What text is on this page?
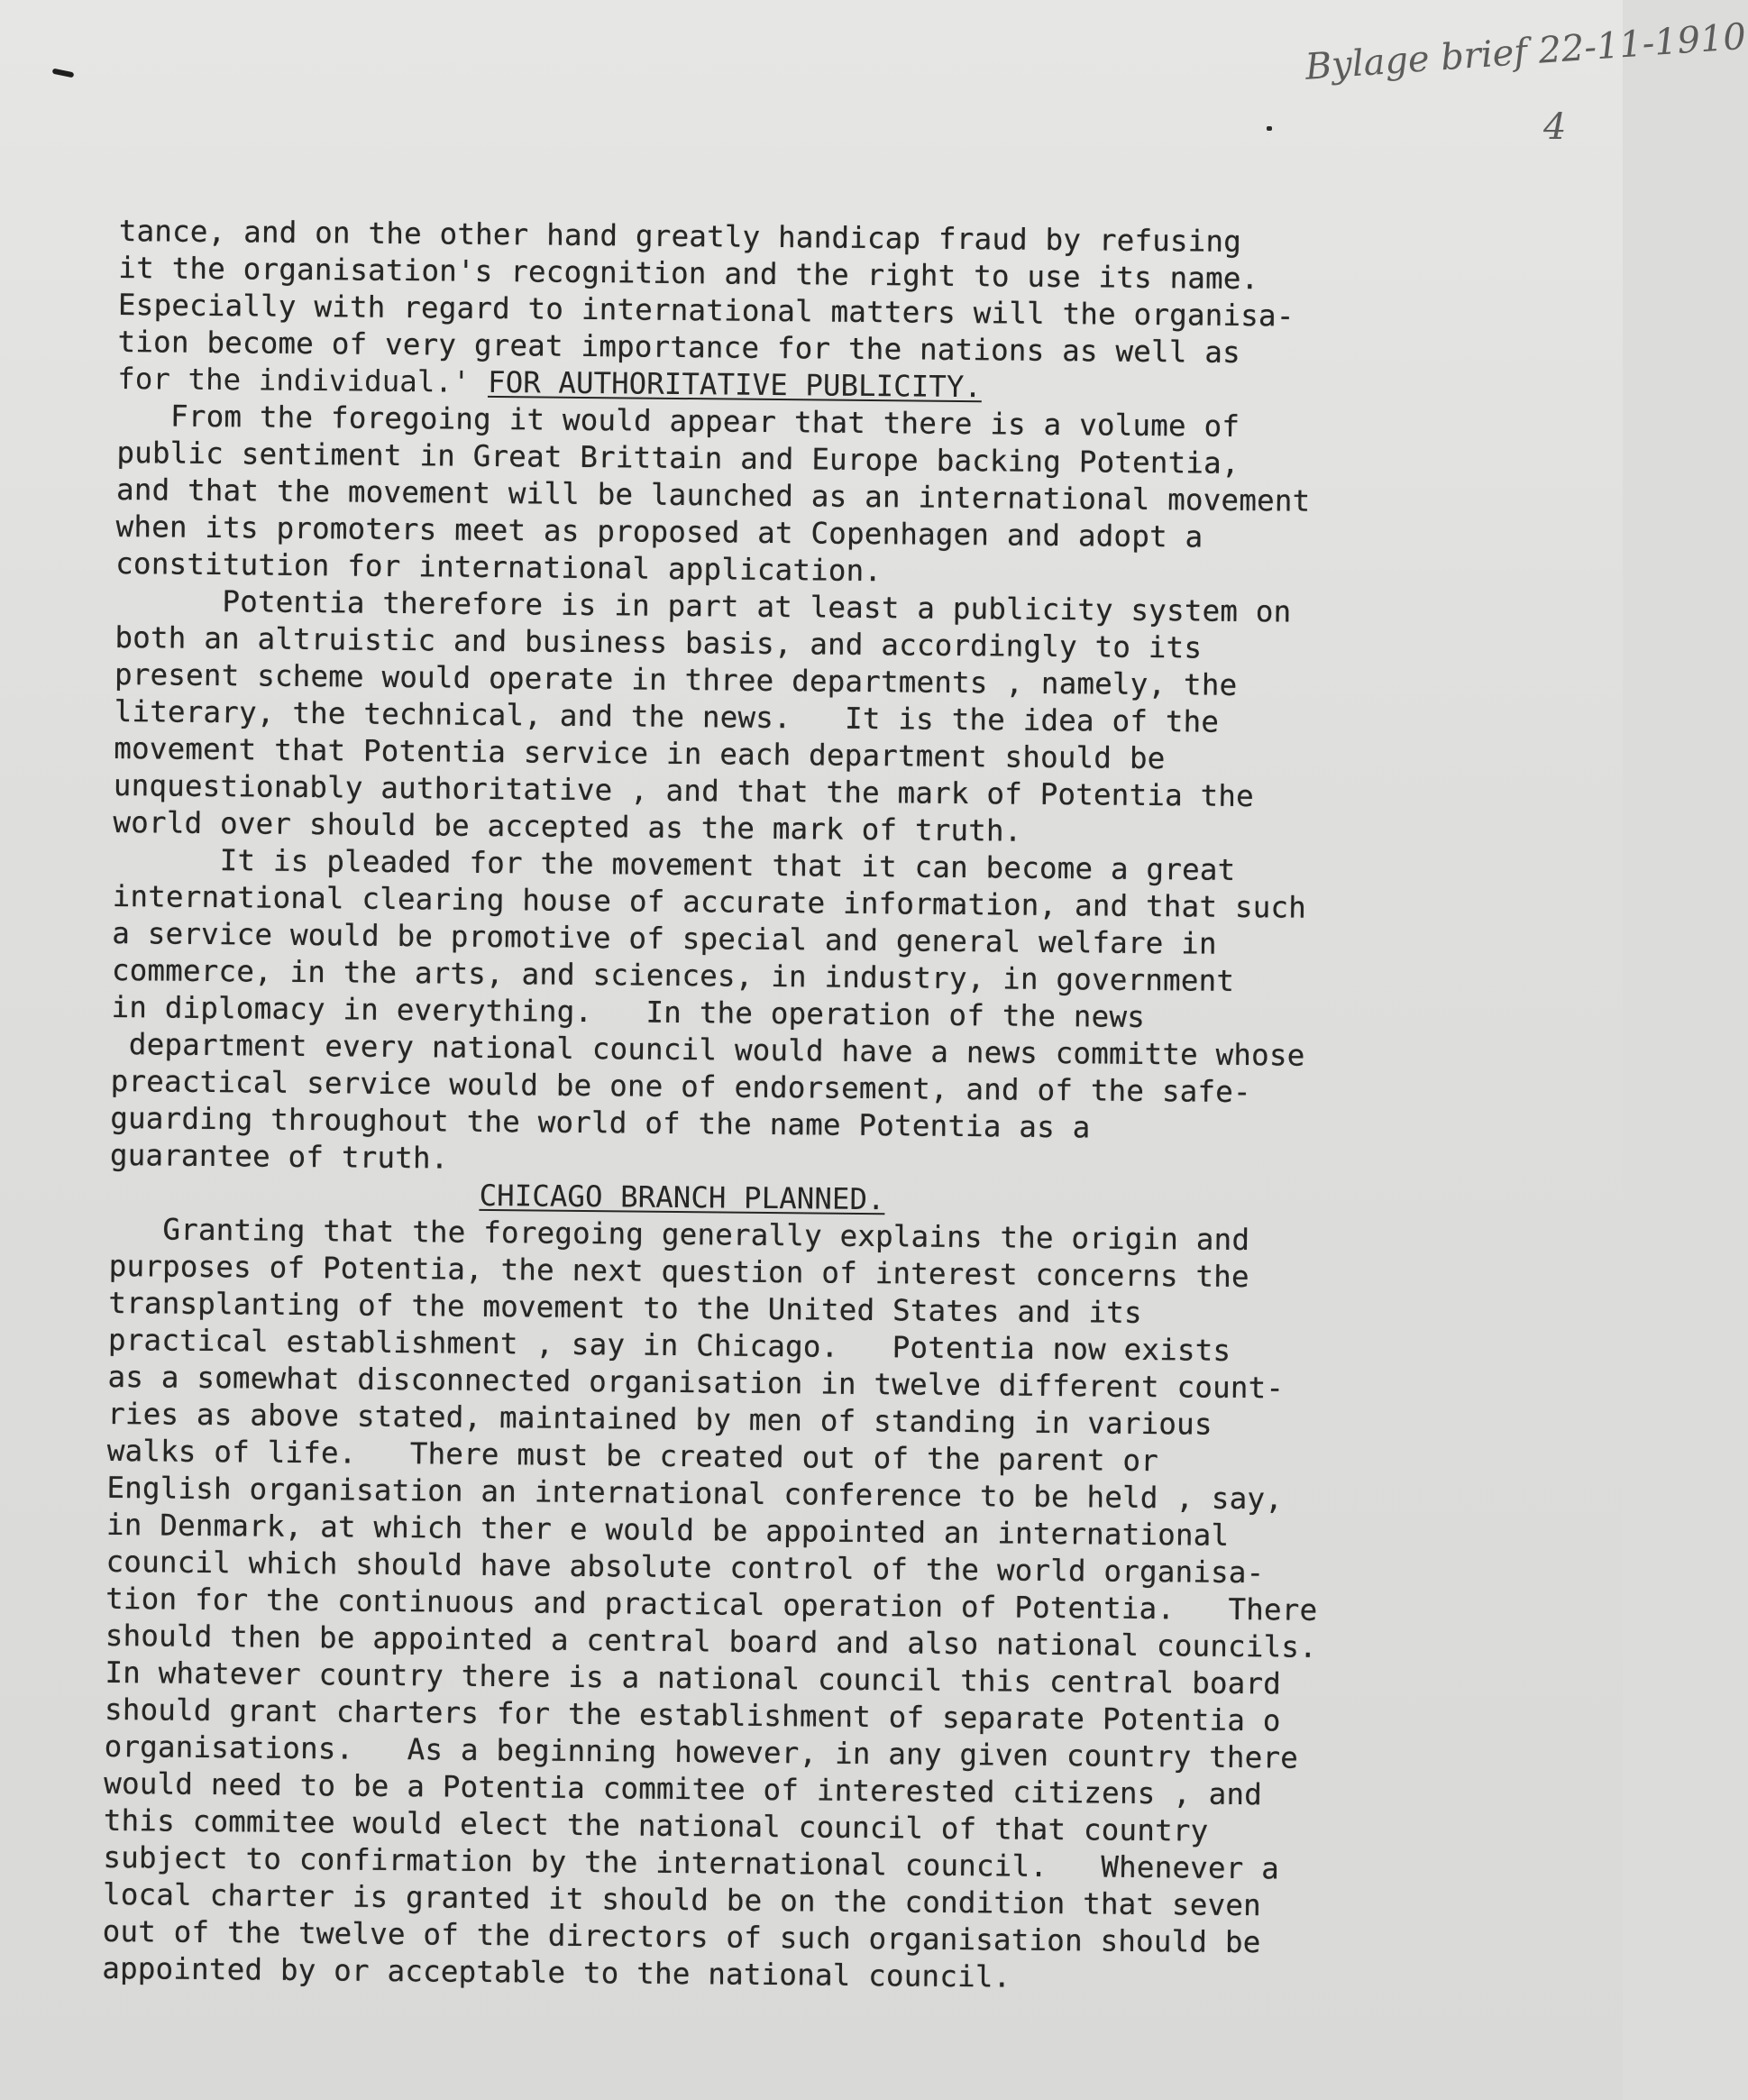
Bylage brief 22-11-1910
4
tance, and on the other hand greatly handicap fraud by refusing
it the organisation's recognition and the right to use its name.
Especially with regard to international matters will the organisa-
tion become of very great importance for the nations as well as
for the individual.' FOR AUTHORITATIVE PUBLICITY.
From the foregoing it would appear that there is a volume of
public sentiment in Great Brittain and Europe backing Potentia,
and that the movement will be launched as an international movement
when its promoters meet as proposed at Copenhagen and adopt a
constitution for international application.
Potentia therefore is in part at least a publicity system on
both an altruistic and business basis, and accordingly to its
present scheme would operate in three departments , namely, the
literary, the technical, and the news.   It is the idea of the
movement that Potentia service in each department should be
unquestionably authoritative , and that the mark of Potentia the
world over should be accepted as the mark of truth.
It is pleaded for the movement that it can become a great
international clearing house of accurate information, and that such
a service would be promotive of special and general welfare in
commerce, in the arts, and sciences, in industry, in government
in diplomacy in everything.   In the operation of the news
department every national council would have a news committe whose
preactical service would be one of endorsement, and of the safe-
guarding throughout the world of the name Potentia as a
guarantee of truth.
CHICAGO BRANCH PLANNED.
Granting that the foregoing generally explains the origin and
purposes of Potentia, the next question of interest concerns the
transplanting of the movement to the United States and its
practical establishment , say in Chicago.   Potentia now exists
as a somewhat disconnected organisation in twelve different count-
ries as above stated, maintained by men of standing in various
walks of life.   There must be created out of the parent or
English organisation an international conference to be held , say,
in Denmark, at which ther e would be appointed an international
council which should have absolute control of the world organisa-
tion for the continuous and practical operation of Potentia.   There
should then be appointed a central board and also national councils.
In whatever country there is a national council this central board
should grant charters for the establishment of separate Potentia o
organisations.   As a beginning however, in any given country there
would need to be a Potentia commitee of interested citizens , and
this commitee would elect the national council of that country
subject to confirmation by the international council.   Whenever a
local charter is granted it should be on the condition that seven
out of the twelve of the directors of such organisation should be
appointed by or acceptable to the national council.
